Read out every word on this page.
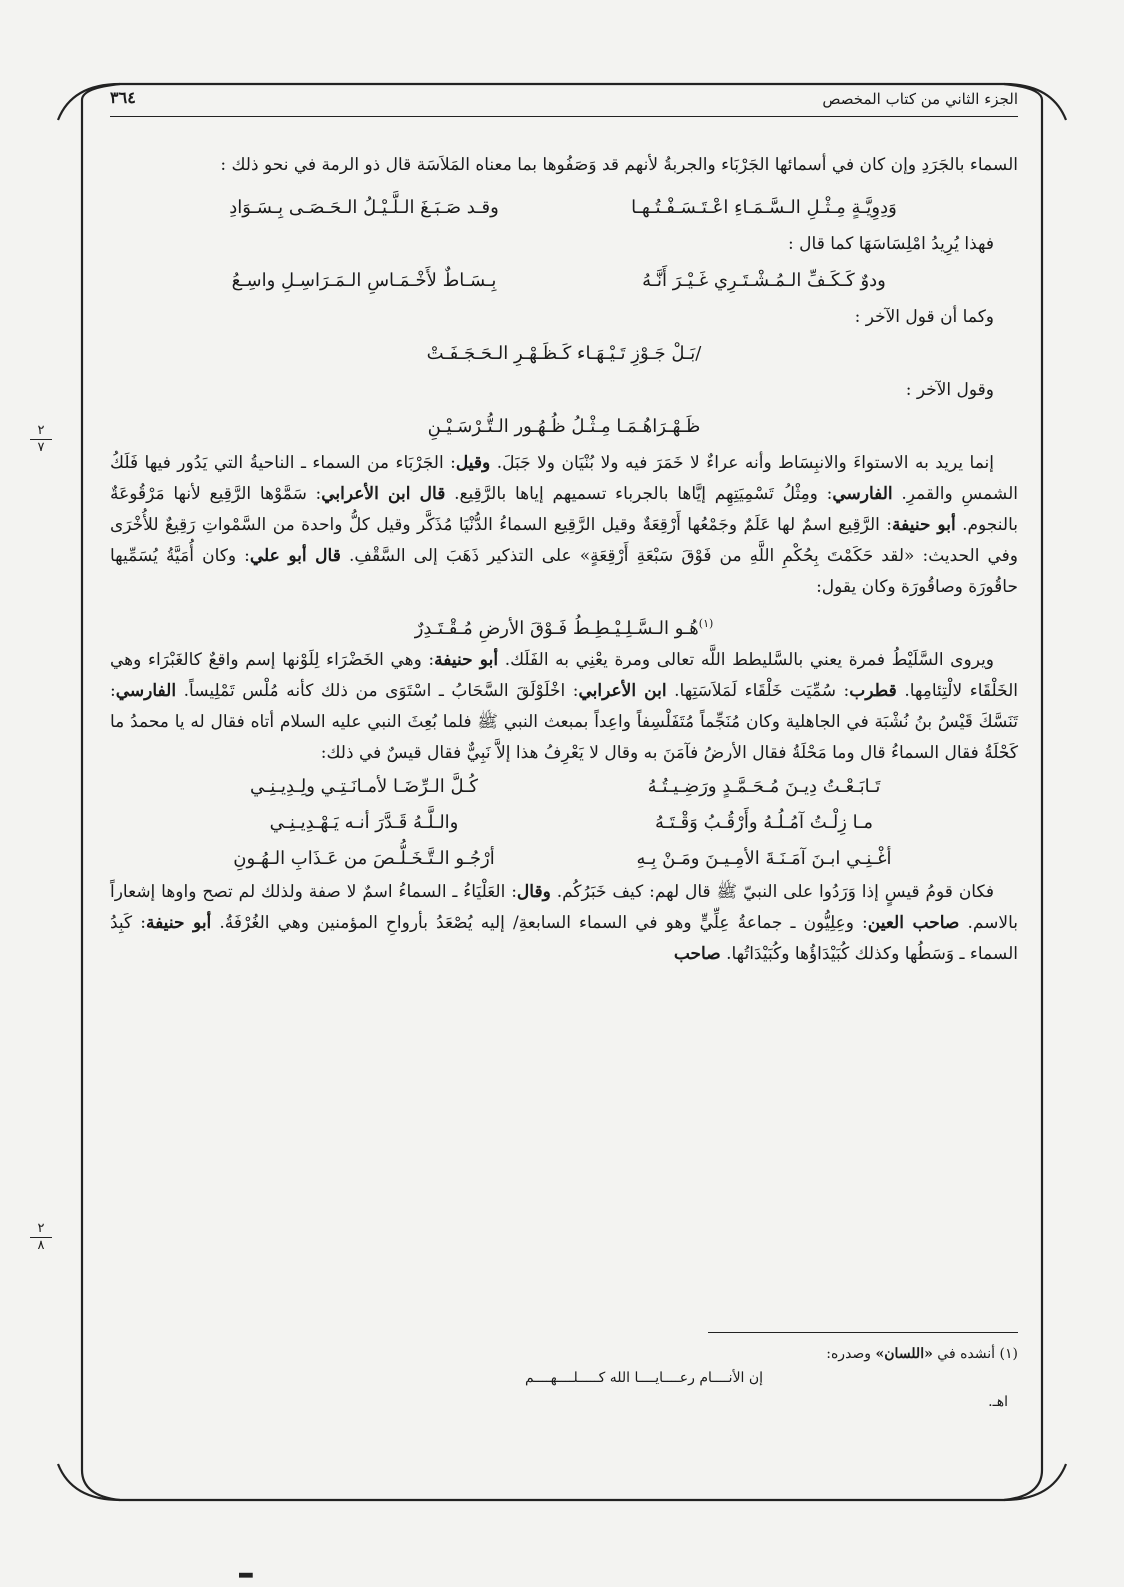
الجزء الثاني من كتاب المخصص
٣٦٤
٢
٧
٢
٨

السماء بالجَرَدِ وإن كان في أسمائها الجَرْبَاء والجربةُ لأنهم قد وَصَفُوها بما معناه المَلاَسَة قال ذو الرمة في نحو ذلك :

وَدِوِيَّـةٍ مِـثْـلِ الـسَّـمَـاءِ اعْـتَـسَـفْـتُـهـا
وقـد صَـبَـغَ الـلَّـيْـلُ الـحَـصَـى بِـسَـوَادِ

فهذا يُرِيدُ امْلِسَاسَهَا كما قال :

ودوٌ كَـكَـفِّ الـمُـشْـتَـرِي غَـيْـرَ أَنَّـهُ
بِـسَـاطٌ لأَخْـمَـاسِ الـمَـرَاسِـلِ واسِـعُ

وكما أن قول الآخر :

/بَـلْ جَـوْزِ تَـيْـهَـاء كَـظَـهْـرِ الـحَـجَـفَـتْ

وقول الآخر :

ظَـهْـرَاهُـمَـا مِـثْـلُ ظُـهُـور الـتُّـرْسَـيْـنِ

إنما يريد به الاستواءَ والانبِسَاط وأنه عراءٌ لا خَمَرَ فيه ولا بُنْيَان ولا جَبَلَ. وقيل: الجَرْبَاء من السماء ـ الناحيةُ التي يَدُور فيها فَلَكُ الشمسِ والقمرِ. الفارسي: ومِثْلُ تَسْمِيَتِهِم إيَّاها بالجرباء تسميهم إياها بالرَّقِيع. قال ابن الأعرابي: سَمَّوْها الرَّقِيع لأنها مَرْقُوعَةٌ بالنجوم. أبو حنيفة: الرَّقِيع اسمٌ لها عَلَمٌ وجَمْعُها أَرْقِعَةٌ وقيل الرَّقِيع السماءُ الدُّنْيَا مُذَكَّر وقيل كلُّ واحدة من السَّمْواتِ رَقِيعٌ للأُخْرَى وفي الحديث: «لقد حَكَمْتَ بِحُكْمِ اللَّهِ من فَوْقَ سَبْعَةِ أَرْقِعَةٍ» على التذكير ذَهَبَ إلى السَّقْفِ. قال أبو علي: وكان أُمَيَّةُ يُسَمِّيها حاقُورَة وصاقُورَة وكان يقول:

$^{(١)}$هُـو الـسَّـلِـيْـطِـطُ فَـوْقَ الأرضِ مُـقْـتَـدِرٌ

ويروى السَّلَيْطُ فمرة يعني بالسَّليطط اللَّه تعالى ومرة يعْنِي به الفَلَك. أبو حنيفة: وهي الخَضْرَاء لِلَوْنها إسم واقعٌ كالغَبْرَاء وهي الخَلْقَاء لالْتِئامِها. قطرب: سُمِّيَت خَلْقَاء لَمَلاَسَتِها. ابن الأعرابي: اخْلَوْلَقَ السَّحَابُ ـ اسْتَوَى من ذلك كأنه مُلْس تَمْلِيساً. الفارسي: تَنَسَّكَ قَيْسُ بنُ نُشْبَة في الجاهلية وكان مُنَجِّماً مُتَفَلْسِفاً واعِداً بمبعث النبي ﷺ فلما بُعِثَ النبي عليه السلام أتاه فقال له يا محمدُ ما كَحْلَةُ فقال السماءُ قال وما مَحْلَةُ فقال الأرضُ فآمَنَ به وقال لا يَعْرِفُ هذا إلاَّ نَبِيٌّ فقال قيسٌ في ذلك:

تَـابَـعْـتُ دِيـنَ مُـحَـمَّـدٍ ورَضِـيـتُـهُ
كُـلَّ الـرِّضَـا لأمـانَـتِـي ولِـدِيـنِـي
مـا زِلْـتُ آمُـلُـهُ وأَرْقُـبُ وَقْـتَـهُ
والـلَّـهُ قَـدَّرَ أنـه يَـهْـدِيـنِـي
أغْـنِـي ابـنَ آمَـنَـةَ الأمِـيـنَ ومَـنْ بِـهِ
أرْجُـو الـتَّـخَـلُّـصَ من عَـذَابِ الـهُـونِ

فكان قومُ قيسٍ إذا وَرَدُوا على النبيّ ﷺ قال لهم: كيف خَبَرُكُم. وقال: العَلْيَاءُ ـ السماءُ اسمٌ لا صفة ولذلك لم تصح واوها إشعاراً بالاسم. صاحب العين: وعِلِيُّون ـ جماعةُ عِلِّيٍّ وهو في السماء السابعةِ/ إليه يُصْعَدُ بأرواحِ المؤمنين وهي الغُرْفَةُ. أبو حنيفة: كَبِدُ السماء ـ وَسَطُها وكذلك كُبَيْدَاؤُها وكُبَيْدَاتُها. صاحب

(١) أنشده في «اللسان» وصدره:
إن الأنــــام رعــــايــــا الله كـــــلــــهــــم
اهـ.
ـ
